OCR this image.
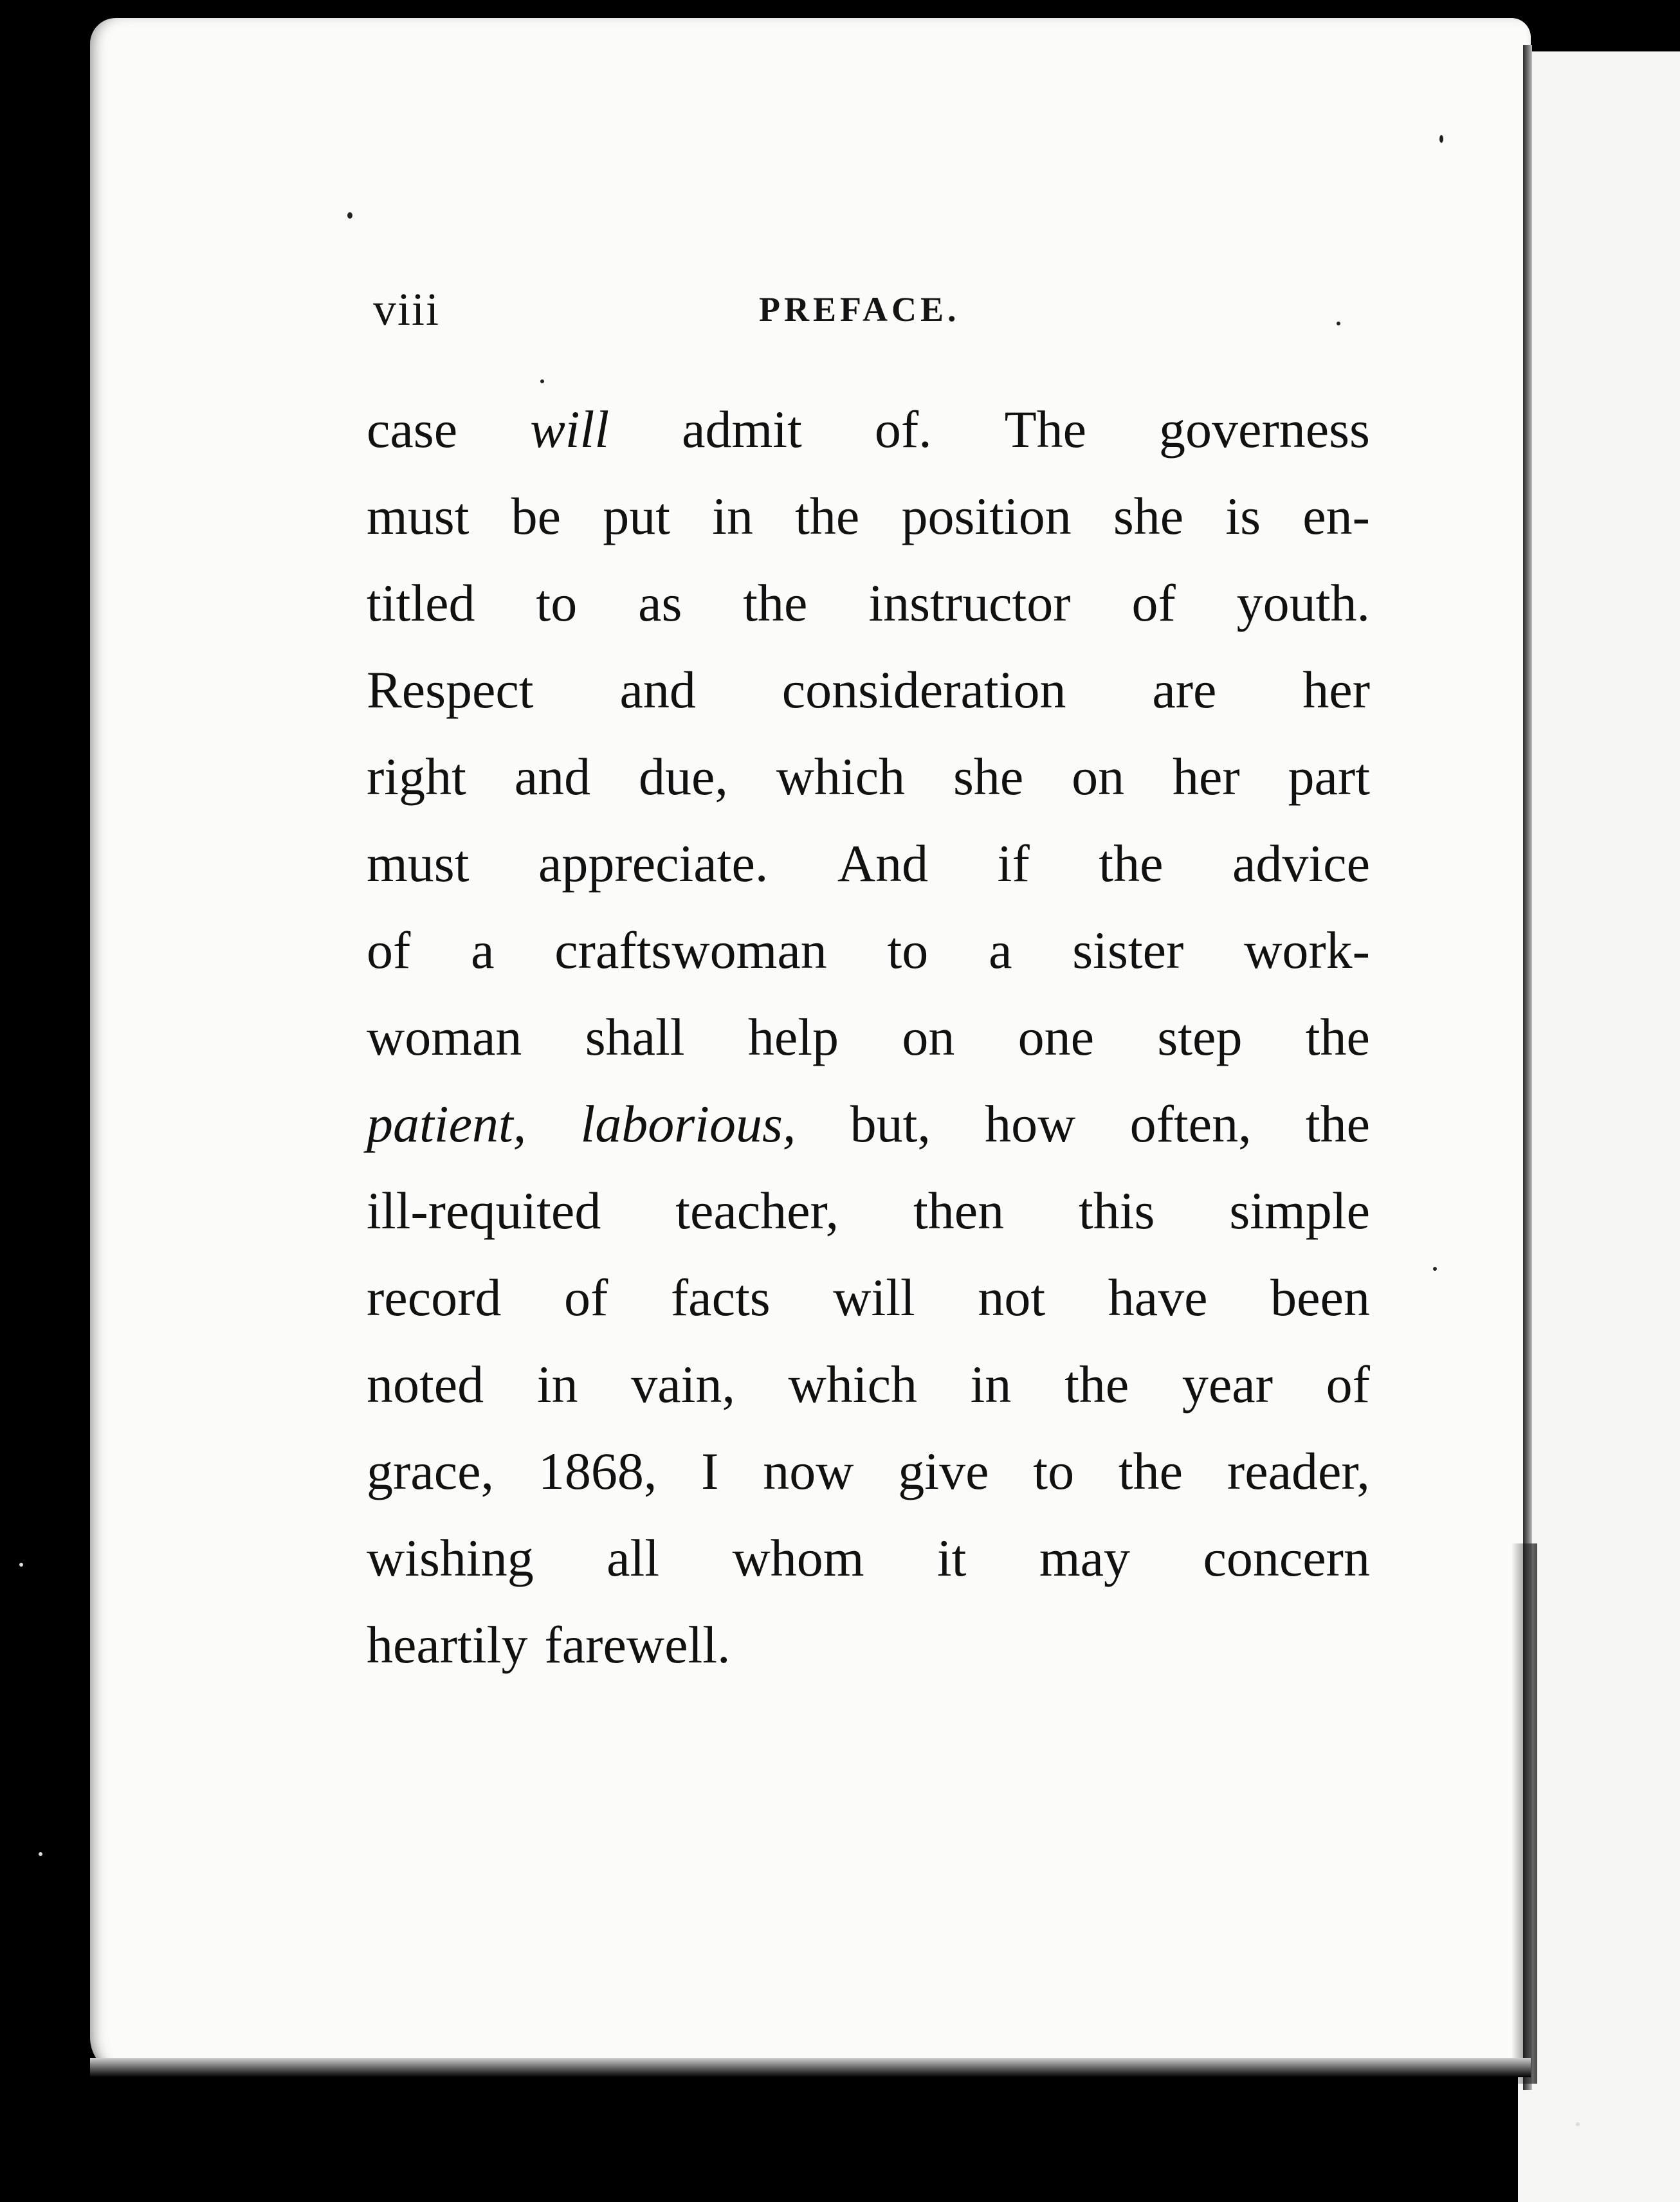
viii	PREFACE.
case will admit of. The governess
must be put in the position she is en-
titled to as the instructor of youth.
Respect and consideration are her
right and due, which she on her part
must appreciate. And if the advice
of a craftswoman to a sister work-
woman shall help on one step the
patient, laborious, but, how often, the
ill-requited teacher, then this simple
record of facts will not have been
noted in vain, which in the year of
grace, 1868, I now give to the reader,
wishing all whom it may concern
heartily farewell.
